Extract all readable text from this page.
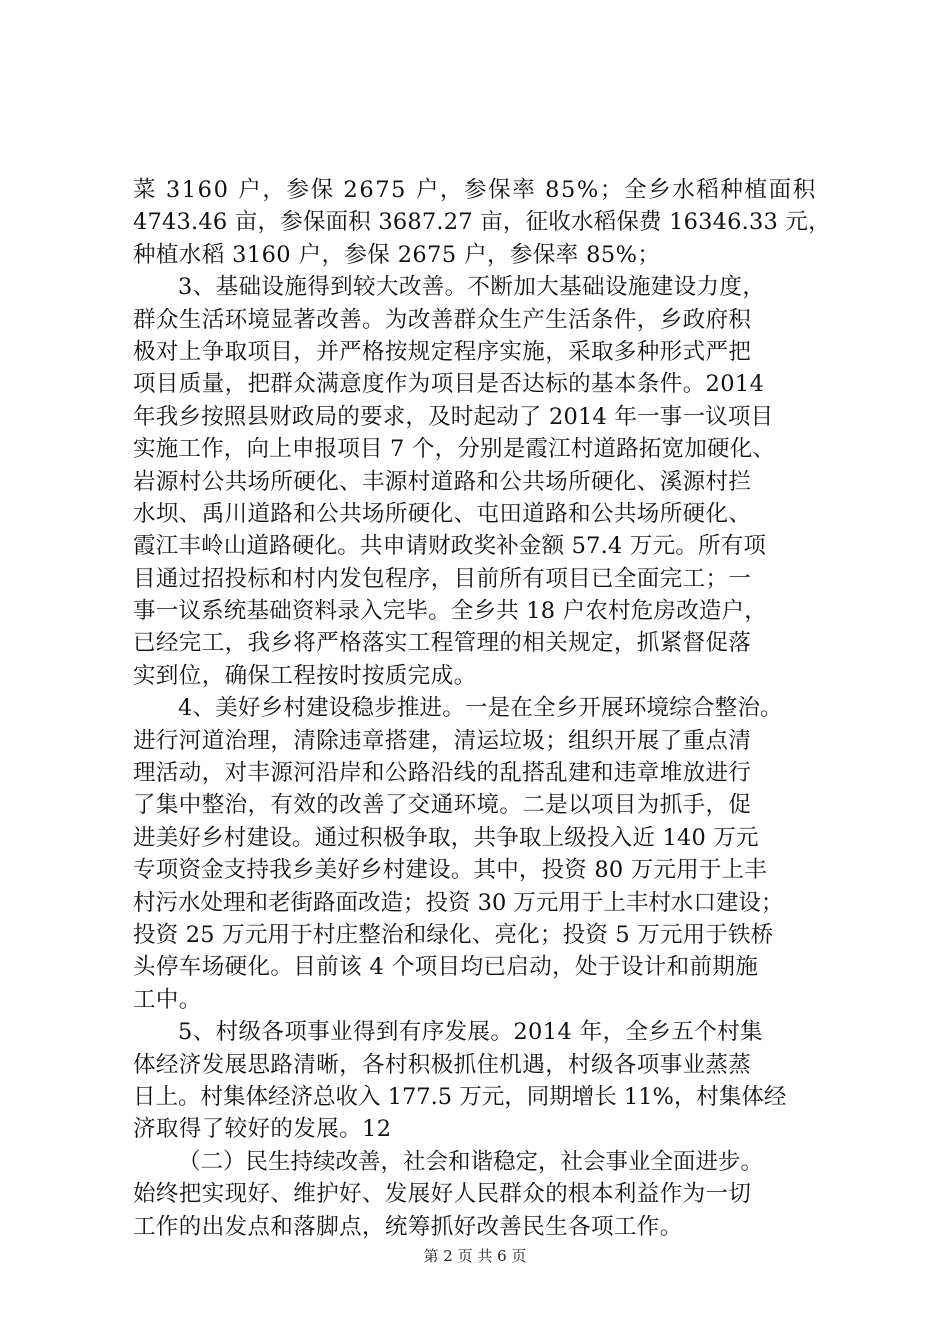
菜 3160 户，参保 2675 户，参保率 85%；全乡水稻种植面积
4743.46 亩，参保面积 3687.27 亩，征收水稻保费 16346.33 元，
种植水稻 3160 户，参保 2675 户，参保率 85%；
3、基础设施得到较大改善。不断加大基础设施建设力度，
群众生活环境显著改善。为改善群众生产生活条件，乡政府积
极对上争取项目，并严格按规定程序实施，采取多种形式严把
项目质量，把群众满意度作为项目是否达标的基本条件。2014
年我乡按照县财政局的要求，及时起动了 2014 年一事一议项目
实施工作，向上申报项目 7 个，分别是霞江村道路拓宽加硬化、
岩源村公共场所硬化、丰源村道路和公共场所硬化、溪源村拦
水坝、禹川道路和公共场所硬化、屯田道路和公共场所硬化、
霞江丰岭山道路硬化。共申请财政奖补金额 57.4 万元。所有项
目通过招投标和村内发包程序，目前所有项目已全面完工；一
事一议系统基础资料录入完毕。全乡共 18 户农村危房改造户，
已经完工，我乡将严格落实工程管理的相关规定，抓紧督促落
实到位，确保工程按时按质完成。
4、美好乡村建设稳步推进。一是在全乡开展环境综合整治。
进行河道治理，清除违章搭建，清运垃圾；组织开展了重点清
理活动，对丰源河沿岸和公路沿线的乱搭乱建和违章堆放进行
了集中整治，有效的改善了交通环境。二是以项目为抓手，促
进美好乡村建设。通过积极争取，共争取上级投入近 140 万元
专项资金支持我乡美好乡村建设。其中，投资 80 万元用于上丰
村污水处理和老街路面改造；投资 30 万元用于上丰村水口建设；
投资 25 万元用于村庄整治和绿化、亮化；投资 5 万元用于铁桥
头停车场硬化。目前该 4 个项目均已启动，处于设计和前期施
工中。
5、村级各项事业得到有序发展。2014 年，全乡五个村集
体经济发展思路清晰，各村积极抓住机遇，村级各项事业蒸蒸
日上。村集体经济总收入 177.5 万元，同期增长 11%，村集体经
济取得了较好的发展。12
（二）民生持续改善，社会和谐稳定，社会事业全面进步。
始终把实现好、维护好、发展好人民群众的根本利益作为一切
工作的出发点和落脚点，统筹抓好改善民生各项工作。
第 2 页 共 6 页
